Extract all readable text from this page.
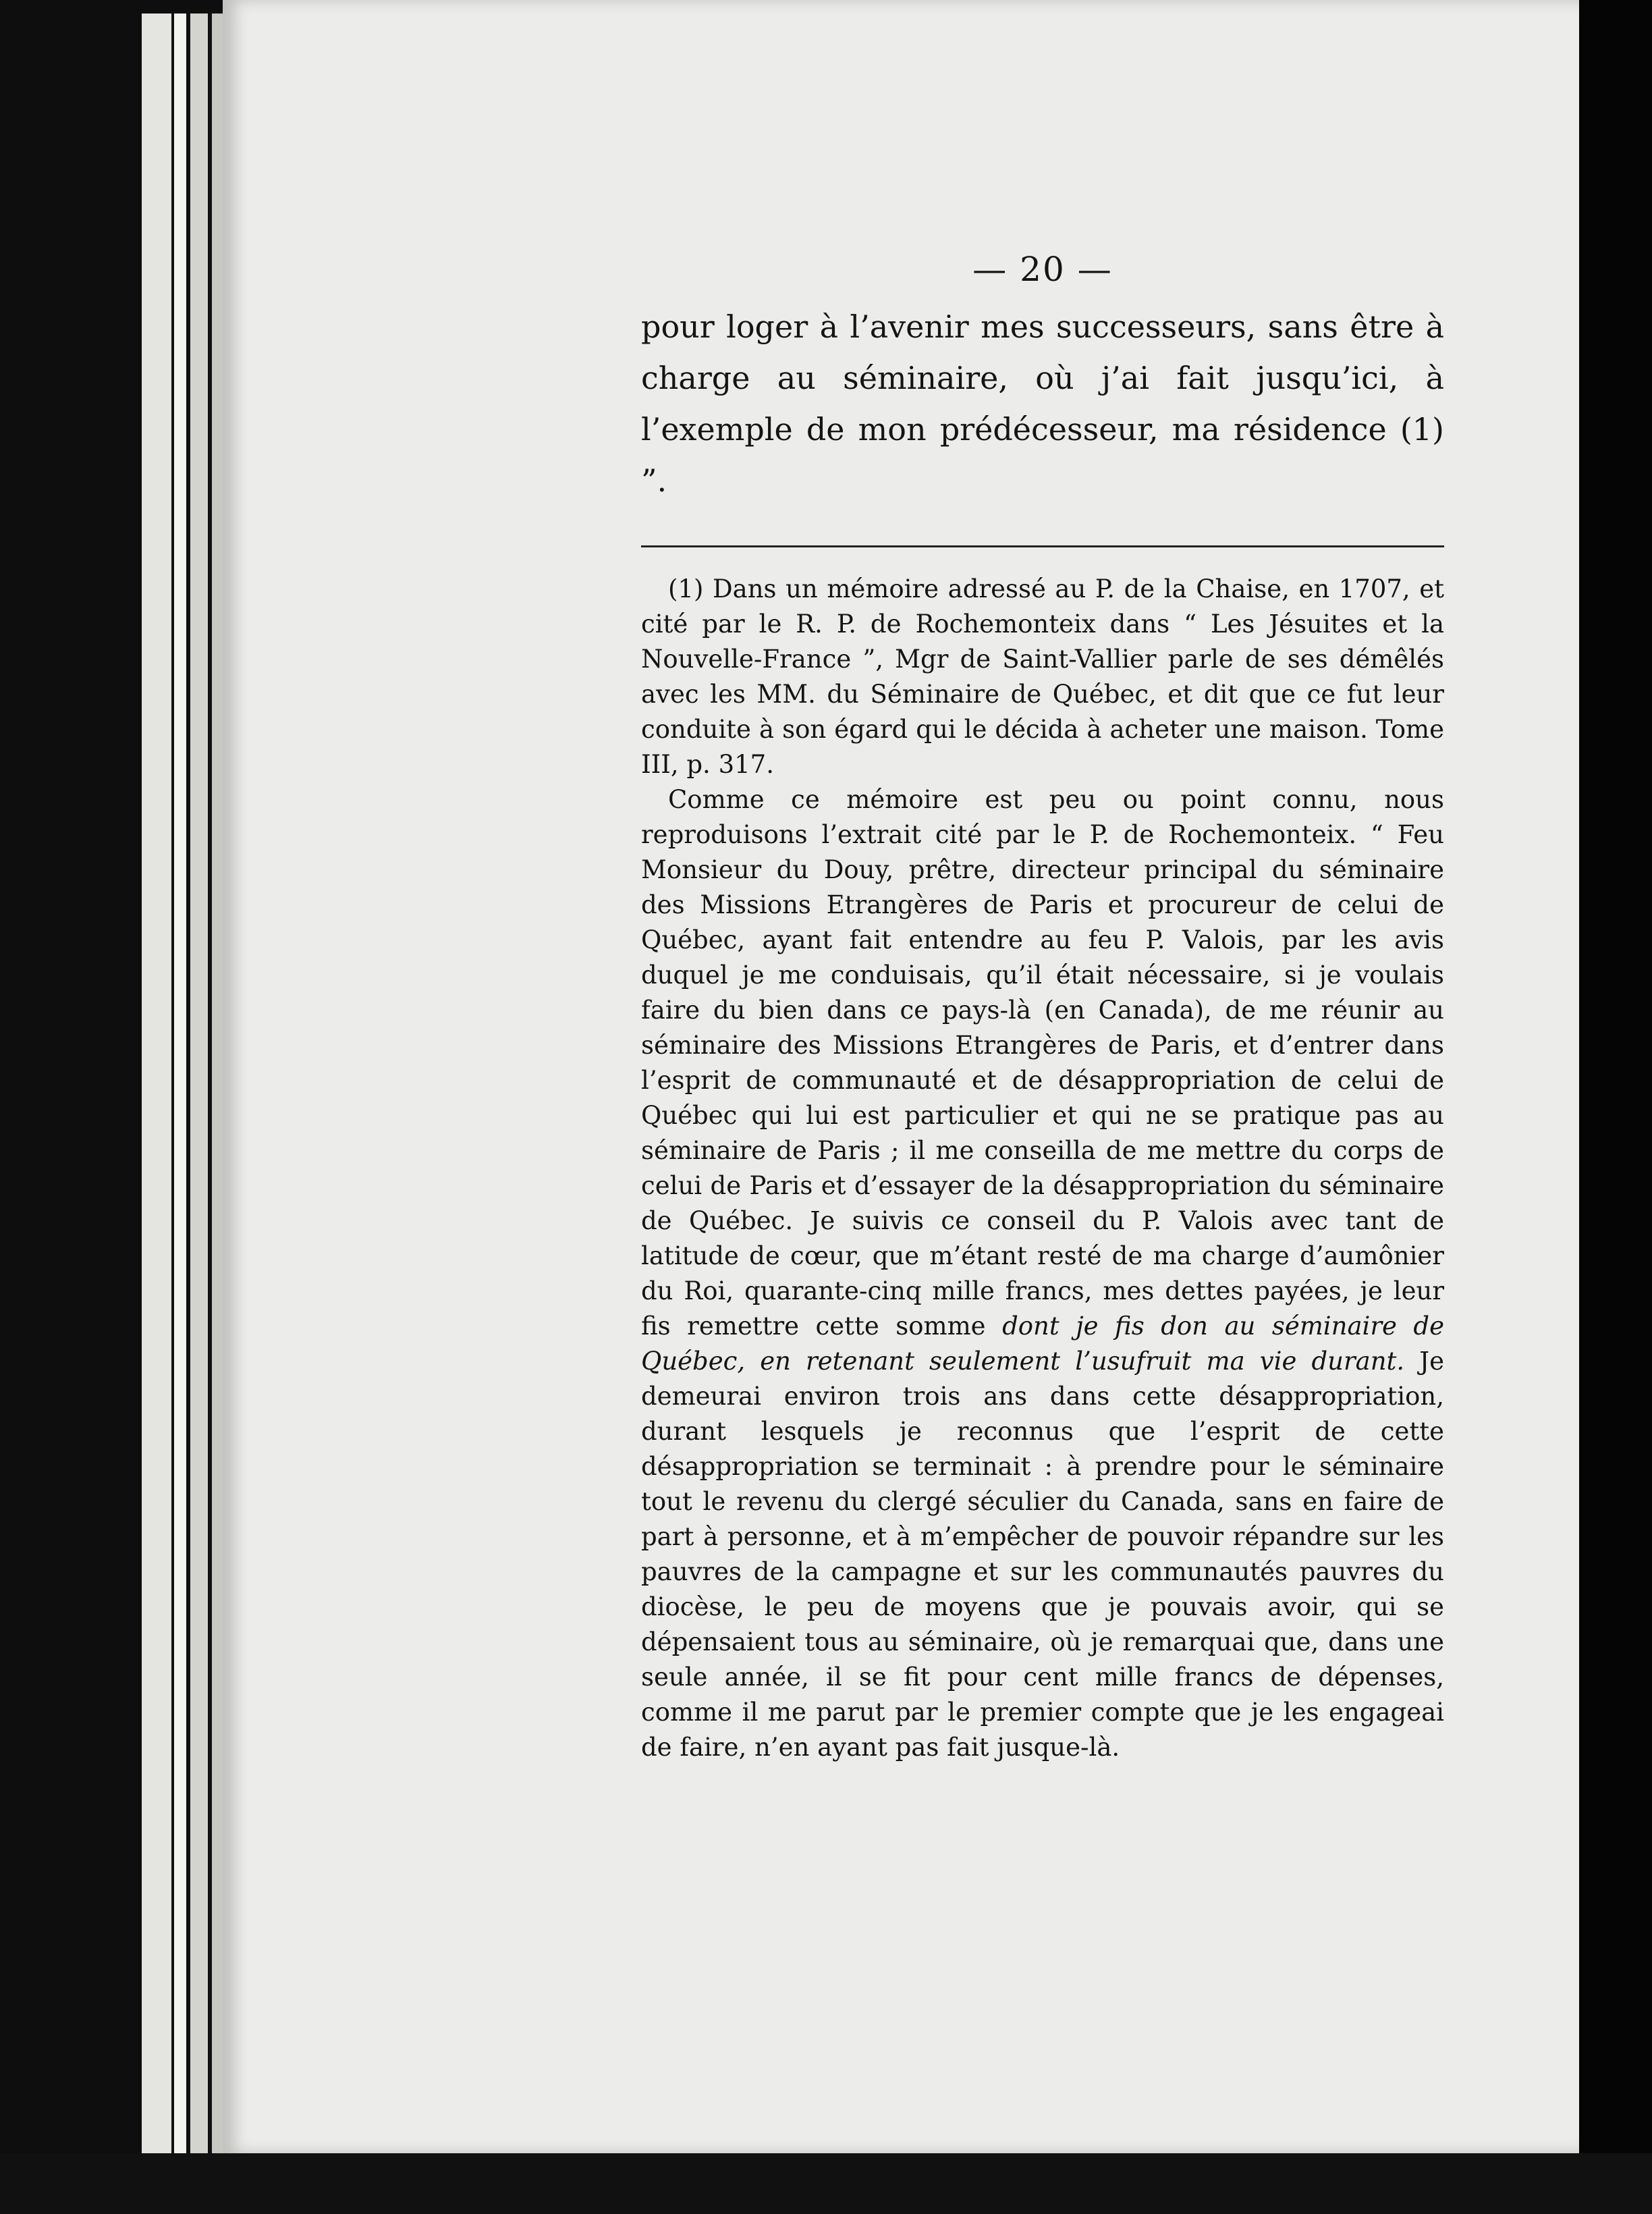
— 20 —

pour loger à l’avenir mes successeurs, sans être à charge au séminaire, où j’ai fait jusqu’ici, à l’exemple de mon prédécesseur, ma résidence (1) ”.

(1) Dans un mémoire adressé au P. de la Chaise, en 1707, et cité par le R. P. de Rochemonteix dans “ Les Jésuites et la Nouvelle-France ”, Mgr de Saint-Vallier parle de ses démêlés avec les MM. du Séminaire de Québec, et dit que ce fut leur conduite à son égard qui le décida à acheter une maison. Tome III, p. 317.

Comme ce mémoire est peu ou point connu, nous reproduisons l’extrait cité par le P. de Rochemonteix. “ Feu Monsieur du Douy, prêtre, directeur principal du séminaire des Missions Etrangères de Paris et procureur de celui de Québec, ayant fait entendre au feu P. Valois, par les avis duquel je me conduisais, qu’il était nécessaire, si je voulais faire du bien dans ce pays-là (en Canada), de me réunir au séminaire des Missions Etrangères de Paris, et d’entrer dans l’esprit de communauté et de désappropriation de celui de Québec qui lui est particulier et qui ne se pratique pas au séminaire de Paris ; il me conseilla de me mettre du corps de celui de Paris et d’essayer de la désappropriation du séminaire de Québec. Je suivis ce conseil du P. Valois avec tant de latitude de cœur, que m’étant resté de ma charge d’aumônier du Roi, quarante-cinq mille francs, mes dettes payées, je leur fis remettre cette somme dont je fis don au séminaire de Québec, en retenant seulement l’usufruit ma vie durant. Je demeurai environ trois ans dans cette désappropriation, durant lesquels je reconnus que l’esprit de cette désappropriation se terminait : à prendre pour le séminaire tout le revenu du clergé séculier du Canada, sans en faire de part à personne, et à m’empêcher de pouvoir répandre sur les pauvres de la campagne et sur les communautés pauvres du diocèse, le peu de moyens que je pouvais avoir, qui se dépensaient tous au séminaire, où je remarquai que, dans une seule année, il se fit pour cent mille francs de dépenses, comme il me parut par le premier compte que je les engageai de faire, n’en ayant pas fait jusque-là.
